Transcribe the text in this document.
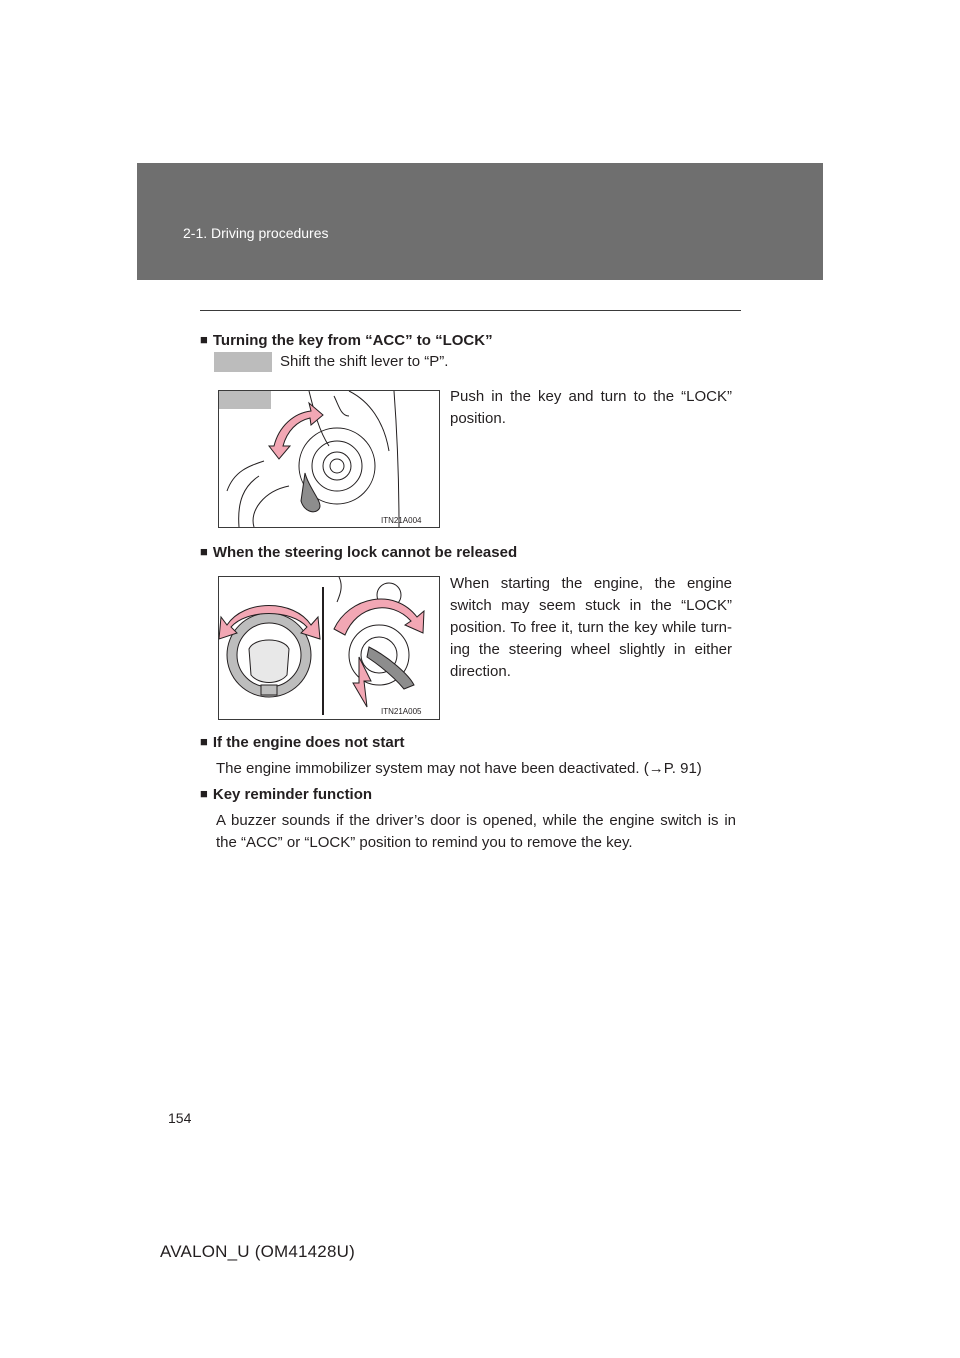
2-1. Driving procedures
■ Turning the key from “ACC” to “LOCK”
Shift the shift lever to “P”.
ITN21A004
Push in the key and turn to the “LOCK” position.
■ When the steering lock cannot be released
ITN21A005
When starting the engine, the engine switch may seem stuck in the “LOCK” position. To free it, turn the key while turn-ing the steering wheel slightly in either direction.
■ If the engine does not start
The engine immobilizer system may not have been deactivated. (→P. 91)
■ Key reminder function
A buzzer sounds if the driver’s door is opened, while the engine switch is in the “ACC” or “LOCK” position to remind you to remove the key.
154
AVALON_U (OM41428U)
